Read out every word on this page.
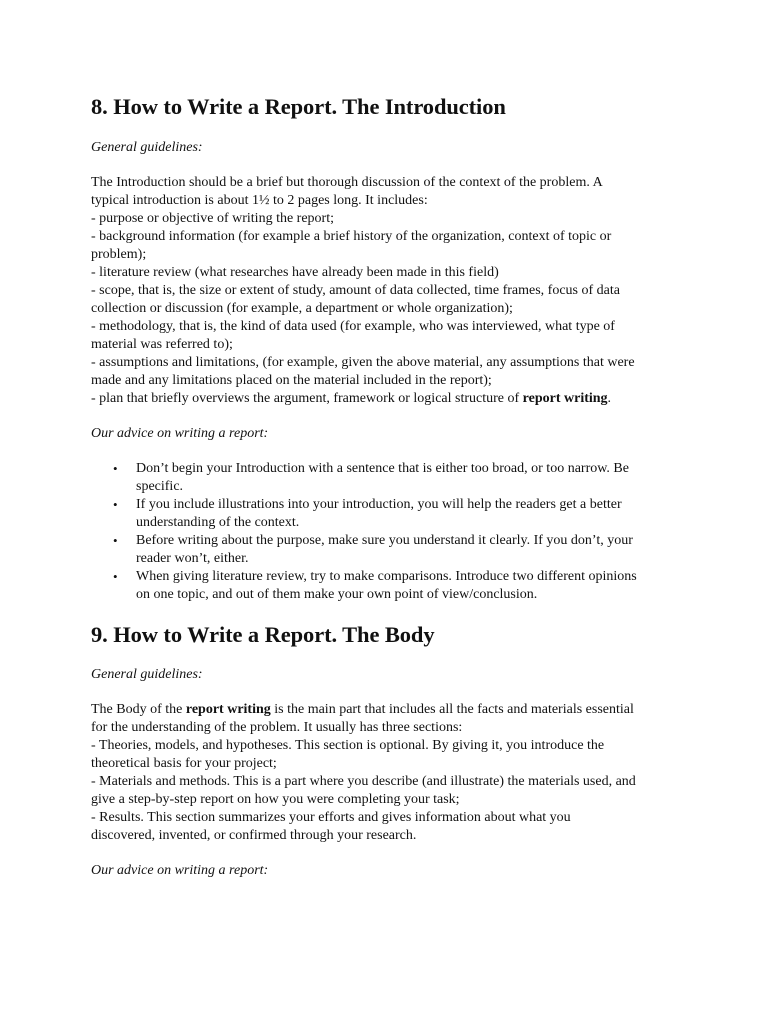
8. How to Write a Report. The Introduction

General guidelines:

The Introduction should be a brief but thorough discussion of the context of the problem. A
typical introduction is about 1½ to 2 pages long. It includes:
- purpose or objective of writing the report;
- background information (for example a brief history of the organization, context of topic or
problem);
- literature review (what researches have already been made in this field)
- scope, that is, the size or extent of study, amount of data collected, time frames, focus of data
collection or discussion (for example, a department or whole organization);
- methodology, that is, the kind of data used (for example, who was interviewed, what type of
material was referred to);
- assumptions and limitations, (for example, given the above material, any assumptions that were
made and any limitations placed on the material included in the report);
- plan that briefly overviews the argument, framework or logical structure of report writing.

Our advice on writing a report:

• Don’t begin your Introduction with a sentence that is either too broad, or too narrow. Be
specific.
• If you include illustrations into your introduction, you will help the readers get a better
understanding of the context.
• Before writing about the purpose, make sure you understand it clearly. If you don’t, your
reader won’t, either.
• When giving literature review, try to make comparisons. Introduce two different opinions
on one topic, and out of them make your own point of view/conclusion.
9. How to Write a Report. The Body

General guidelines:

The Body of the report writing is the main part that includes all the facts and materials essential
for the understanding of the problem. It usually has three sections:
- Theories, models, and hypotheses. This section is optional. By giving it, you introduce the
theoretical basis for your project;
- Materials and methods. This is a part where you describe (and illustrate) the materials used, and
give a step-by-step report on how you were completing your task;
- Results. This section summarizes your efforts and gives information about what you
discovered, invented, or confirmed through your research.

Our advice on writing a report:
